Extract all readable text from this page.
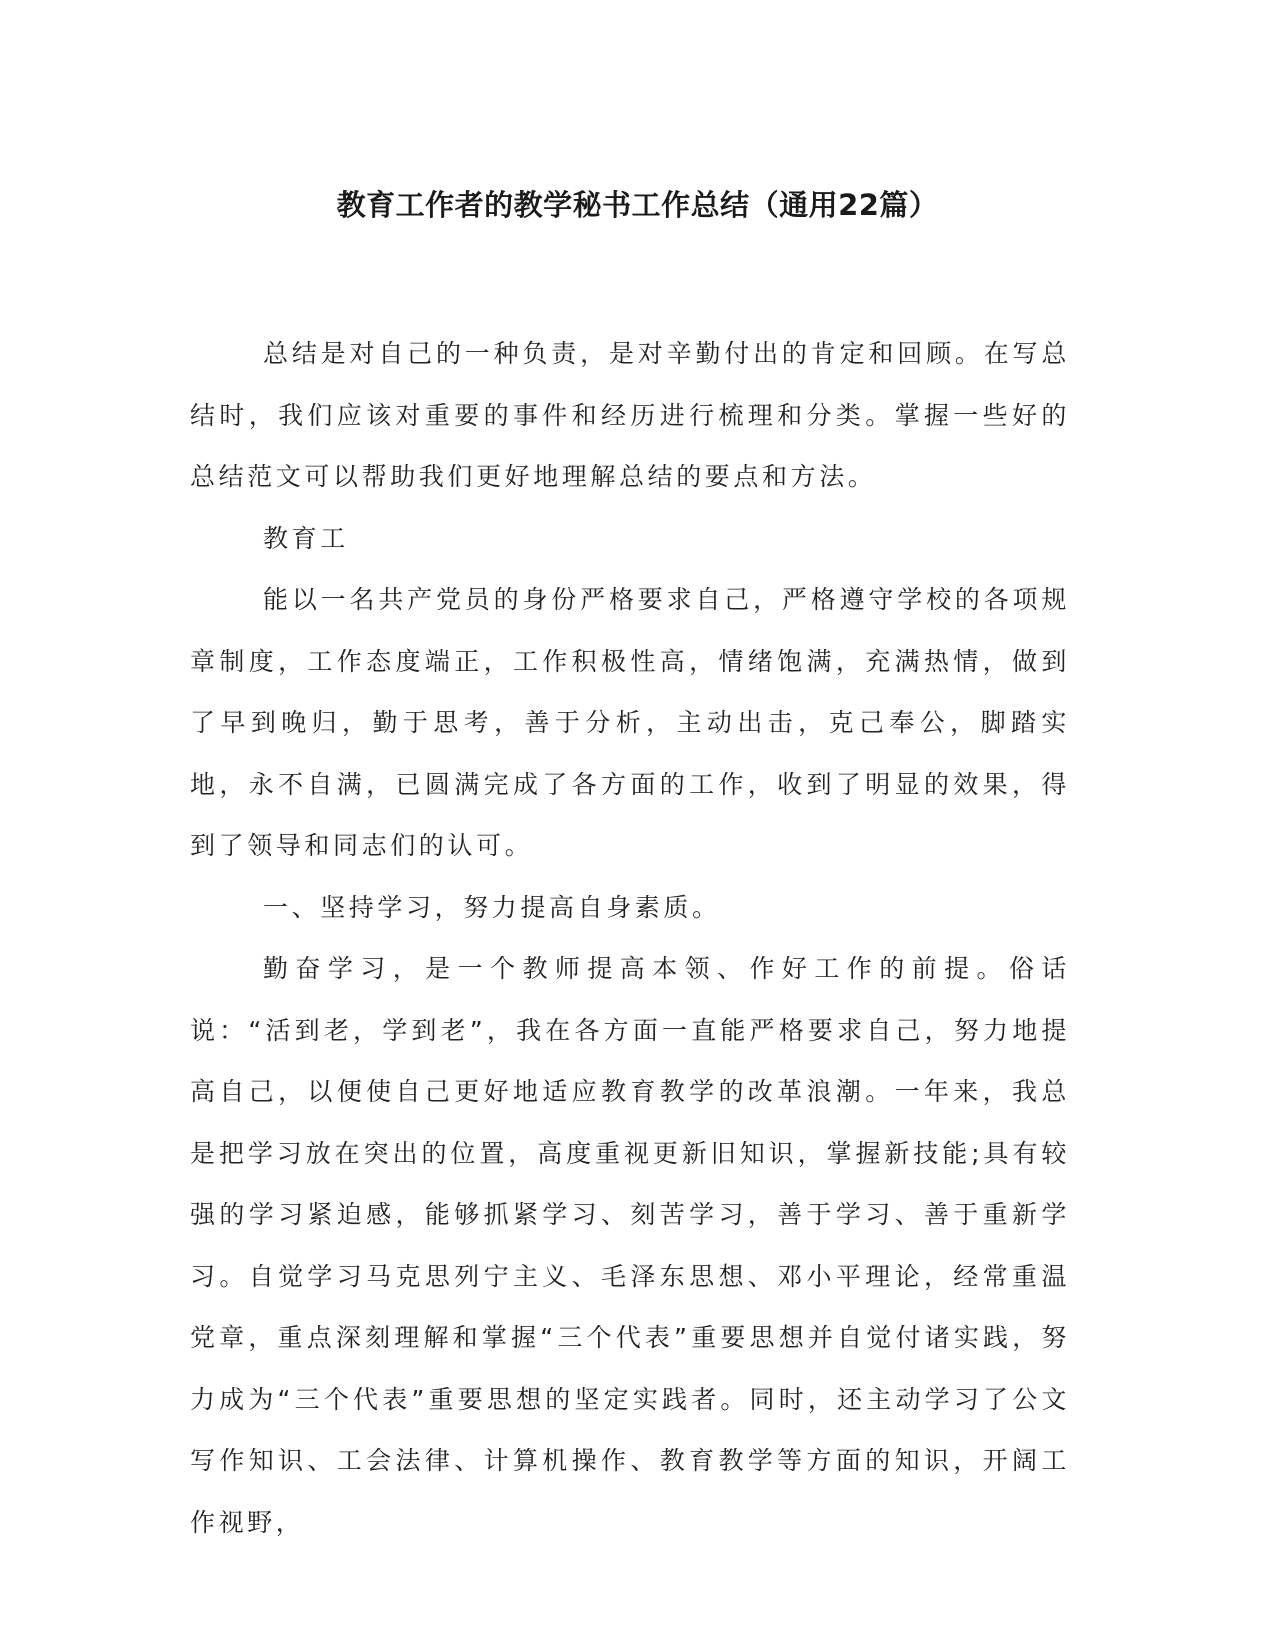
教育工作者的教学秘书工作总结（通用22篇）

总结是对自己的一种负责，是对辛勤付出的肯定和回顾。在写总结时，我们应该对重要的事件和经历进行梳理和分类。掌握一些好的总结范文可以帮助我们更好地理解总结的要点和方法。

教育工

能以一名共产党员的身份严格要求自己，严格遵守学校的各项规章制度，工作态度端正，工作积极性高，情绪饱满，充满热情，做到了早到晚归，勤于思考，善于分析，主动出击，克己奉公，脚踏实地，永不自满，已圆满完成了各方面的工作，收到了明显的效果，得到了领导和同志们的认可。

一、坚持学习，努力提高自身素质。

勤奋学习，是一个教师提高本领、作好工作的前提。俗话说：“活到老，学到老”，我在各方面一直能严格要求自己，努力地提高自己，以便使自己更好地适应教育教学的改革浪潮。一年来，我总是把学习放在突出的位置，高度重视更新旧知识，掌握新技能;具有较强的学习紧迫感，能够抓紧学习、刻苦学习，善于学习、善于重新学习。自觉学习马克思列宁主义、毛泽东思想、邓小平理论，经常重温党章，重点深刻理解和掌握“三个代表”重要思想并自觉付诸实践，努力成为“三个代表”重要思想的坚定实践者。同时，还主动学习了公文写作知识、工会法律、计算机操作、教育教学等方面的知识，开阔工作视野，
